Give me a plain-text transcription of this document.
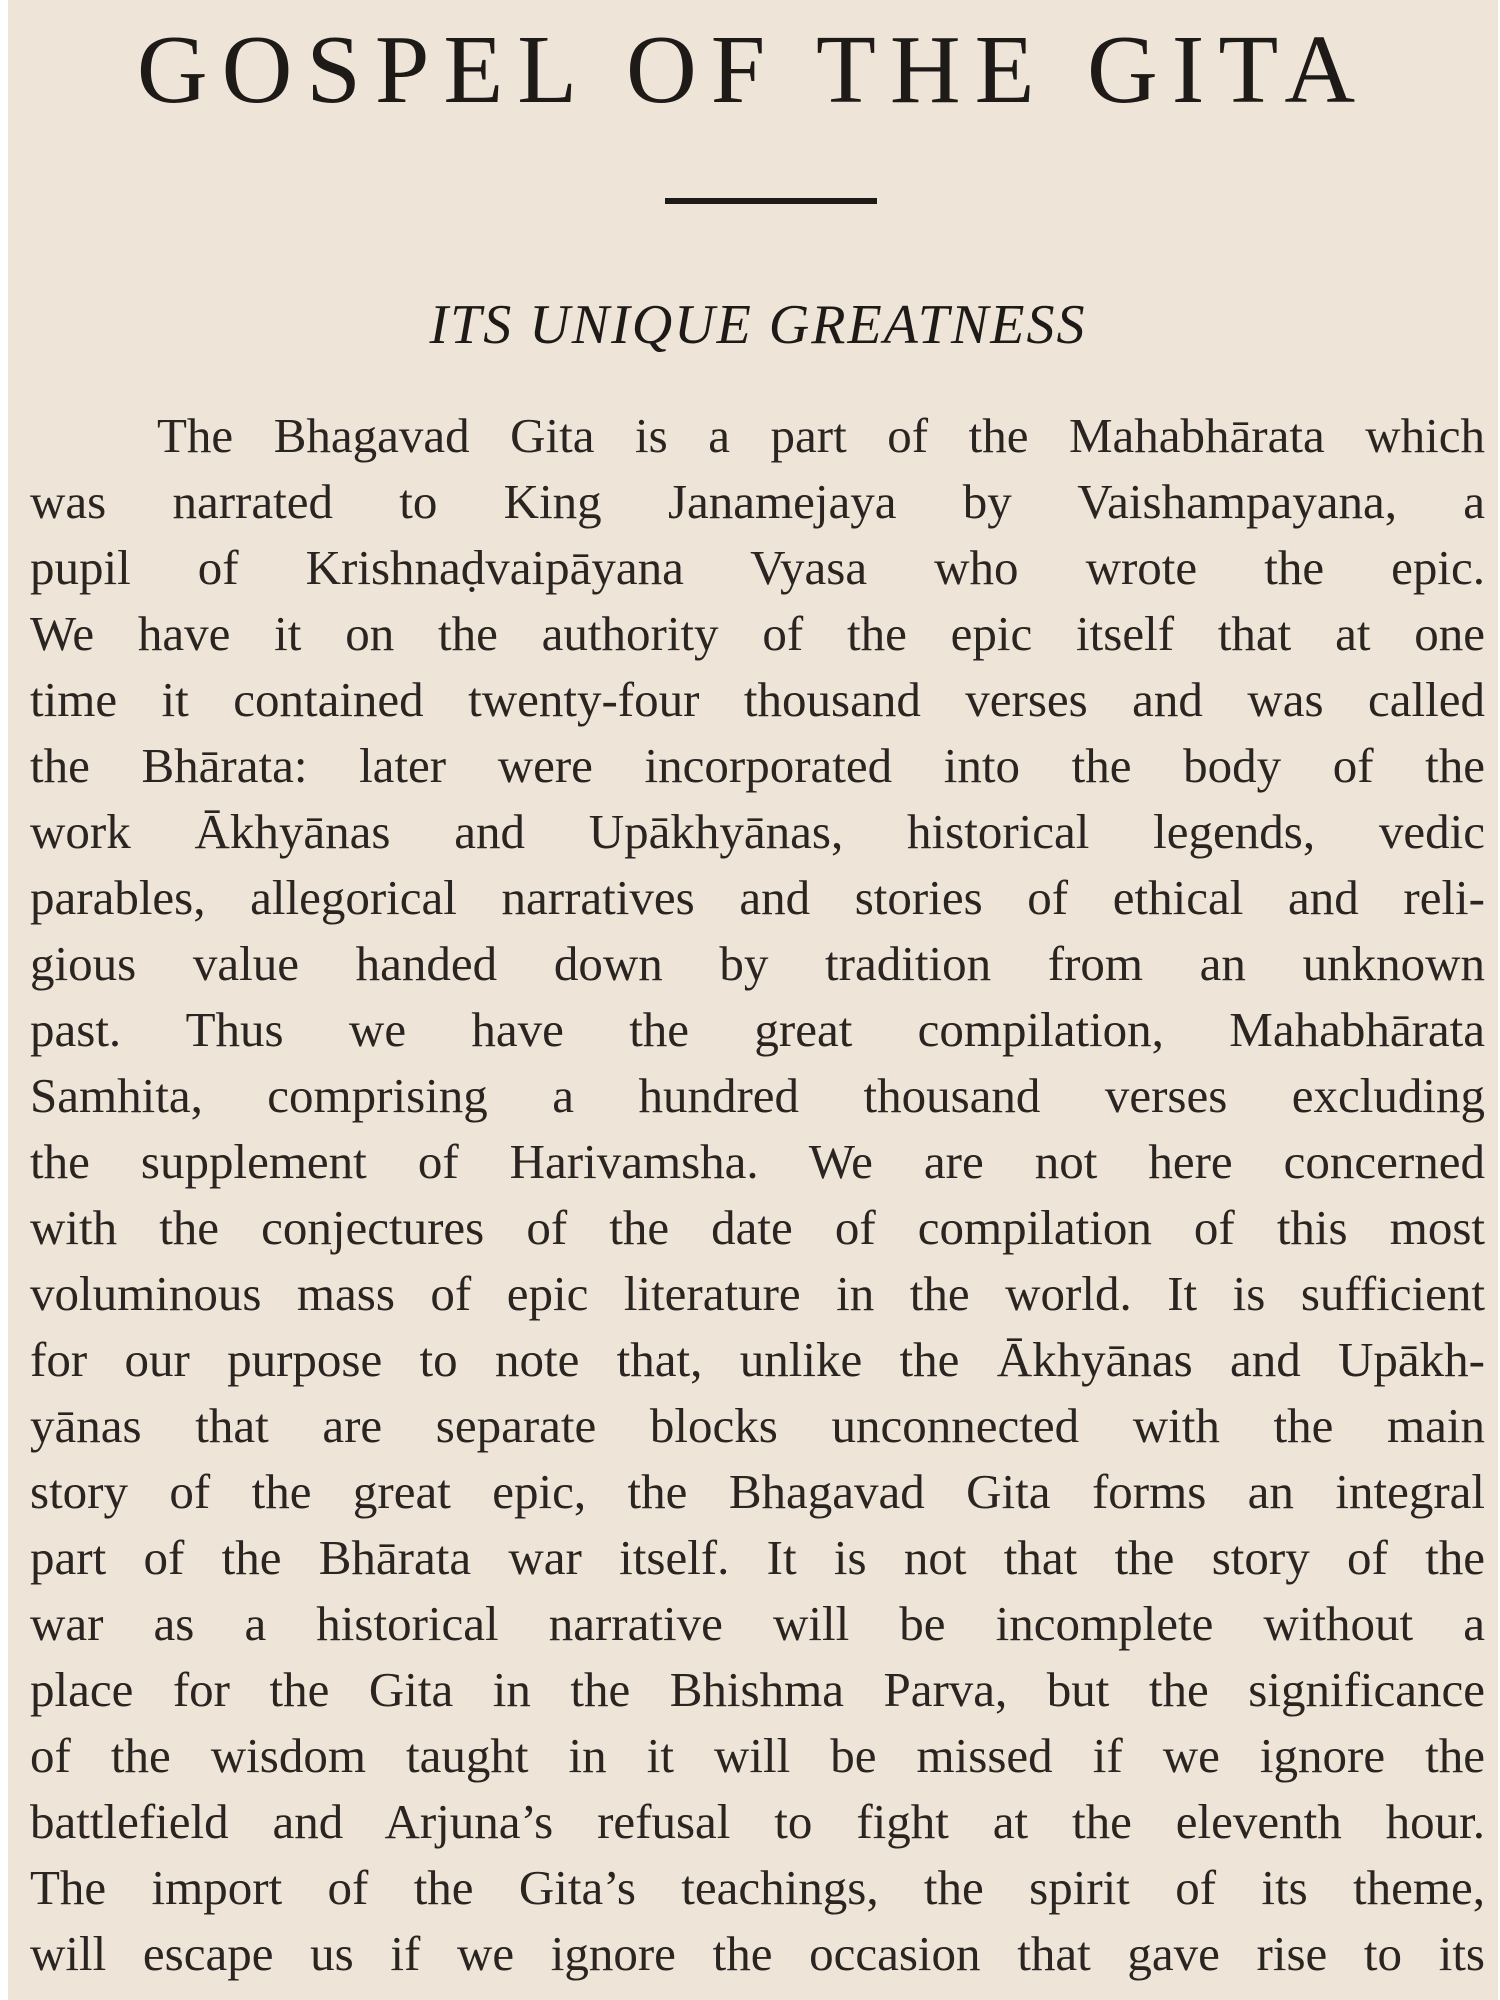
GOSPEL OF THE GITA
ITS UNIQUE GREATNESS
The Bhagavad Gita is a part of the Mahabhārata which
was narrated to King Janamejaya by Vaishampayana, a
pupil of Krishnaḍvaipāyana Vyasa who wrote the epic.
We have it on the authority of the epic itself that at one
time it contained twenty-four thousand verses and was called
the Bhārata: later were incorporated into the body of the
work Ākhyānas and Upākhyānas, historical legends, vedic
parables, allegorical narratives and stories of ethical and reli-
gious value handed down by tradition from an unknown
past. Thus we have the great compilation, Mahabhārata
Samhita, comprising a hundred thousand verses excluding
the supplement of Harivamsha. We are not here concerned
with the conjectures of the date of compilation of this most
voluminous mass of epic literature in the world. It is sufficient
for our purpose to note that, unlike the Ākhyānas and Upākh-
yānas that are separate blocks unconnected with the main
story of the great epic, the Bhagavad Gita forms an integral
part of the Bhārata war itself. It is not that the story of the
war as a historical narrative will be incomplete without a
place for the Gita in the Bhishma Parva, but the significance
of the wisdom taught in it will be missed if we ignore the
battlefield and Arjuna’s refusal to fight at the eleventh hour.
The import of the Gita’s teachings, the spirit of its theme,
will escape us if we ignore the occasion that gave rise to its
